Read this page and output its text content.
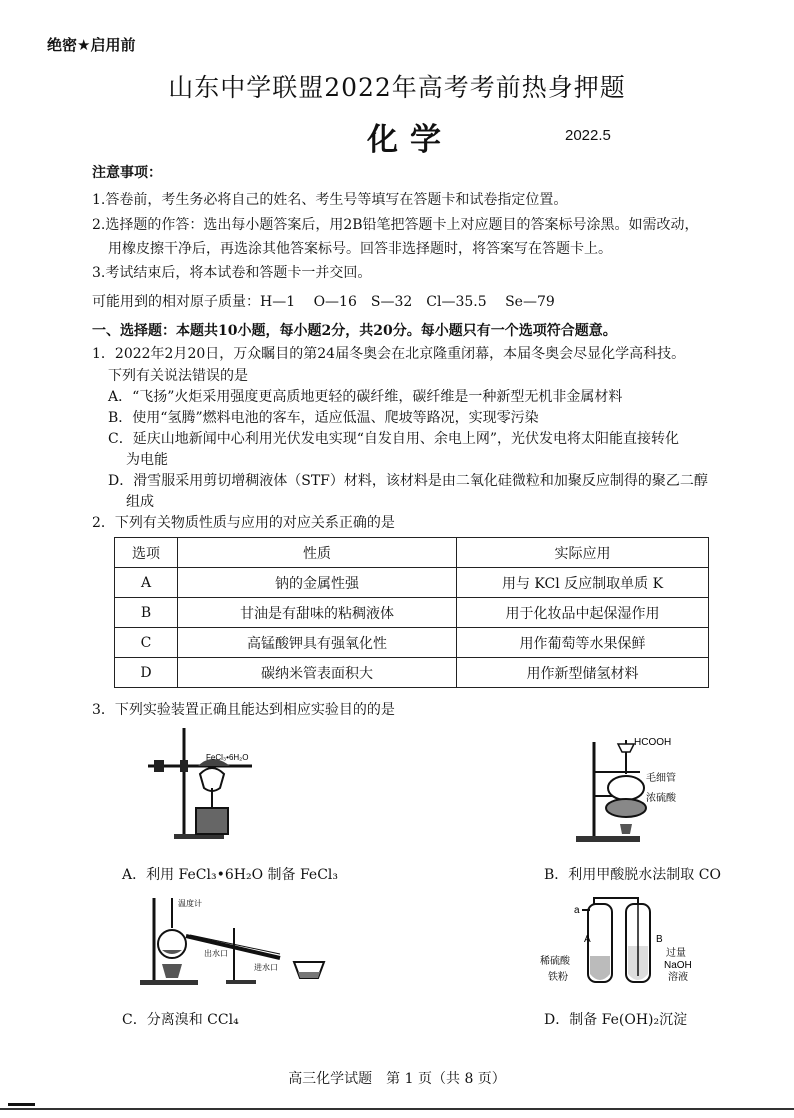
绝密★启用前
山东中学联盟2022年高考考前热身押题
化学	2022.5
注意事项：
1.答卷前，考生务必将自己的姓名、考生号等填写在答题卡和试卷指定位置。
2.选择题的作答：选出每小题答案后，用2B铅笔把答题卡上对应题目的答案标号涂黑。如需改动，
用橡皮擦干净后，再选涂其他答案标号。回答非选择题时，将答案写在答题卡上。
3.考试结束后，将本试卷和答题卡一并交回。
可能用到的相对原子质量：H—1　 O—16　S—32　Cl—35.5　 Se—79
一、选择题：本题共10小题，每小题2分，共20分。每小题只有一个选项符合题意。
1．2022年2月20日，万众瞩目的第24届冬奥会在北京隆重闭幕，本届冬奥会尽显化学高科技。
下列有关说法错误的是
A．“飞扬”火炬采用强度更高质地更轻的碳纤维，碳纤维是一种新型无机非金属材料
B．使用“氢腾”燃料电池的客车，适应低温、爬坡等路况，实现零污染
C．延庆山地新闻中心利用光伏发电实现“自发自用、余电上网”，光伏发电将太阳能直接转化
为电能
D．滑雪服采用剪切增稠液体（STF）材料，该材料是由二氧化硅微粒和加聚反应制得的聚乙二醇
组成
2．下列有关物质性质与应用的对应关系正确的是
选项	性质	实际应用
A	钠的金属性强	用与 KCl 反应制取单质 K
B	甘油是有甜味的粘稠液体	用于化妆品中起保湿作用
C	高锰酸钾具有强氧化性	用作葡萄等水果保鲜
D	碳纳米管表面积大	用作新型储氢材料
3．下列实验装置正确且能达到相应实验目的的是
FeCl₃•6H₂O
A．利用 FeCl₃•6H₂O 制备 FeCl₃
HCOOH
毛细管
浓硫酸
B．利用甲酸脱水法制取 CO
温度计
出水口
进水口
C．分离溴和 CCl₄
a
A	B
过量
NaOH
溶液
稀硫酸
铁粉
D．制备 Fe(OH)₂沉淀
高三化学试题　第 1 页（共 8 页）
